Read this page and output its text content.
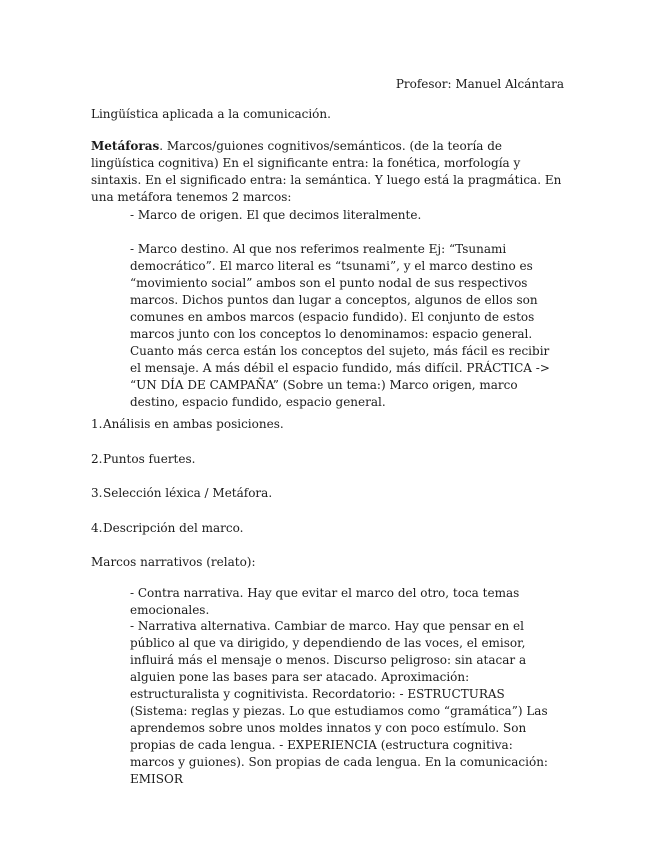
Profesor: Manuel Alcántara

Lingüística aplicada a la comunicación.

Metáforas. Marcos/guiones cognitivos/semánticos. (de la teoría de lingüística cognitiva) En el significante entra: la fonética, morfología y sintaxis. En el significado entra: la semántica. Y luego está la pragmática. En una metáfora tenemos 2 marcos:

- Marco de origen. El que decimos literalmente.

- Marco destino. Al que nos referimos realmente Ej: “Tsunami democrático”. El marco literal es “tsunami”, y el marco destino es “movimiento social” ambos son el punto nodal de sus respectivos marcos. Dichos puntos dan lugar a conceptos, algunos de ellos son comunes en ambos marcos (espacio fundido). El conjunto de estos marcos junto con los conceptos lo denominamos: espacio general. Cuanto más cerca están los conceptos del sujeto, más fácil es recibir el mensaje. A más débil el espacio fundido, más difícil. PRÁCTICA -> “UN DÍA DE CAMPAÑA” (Sobre un tema:) Marco origen, marco destino, espacio fundido, espacio general.

1.Análisis en ambas posiciones.
2.Puntos fuertes.
3.Selección léxica / Metáfora.
4.Descripción del marco.

Marcos narrativos (relato):

- Contra narrativa. Hay que evitar el marco del otro, toca temas emocionales.

- Narrativa alternativa. Cambiar de marco. Hay que pensar en el público al que va dirigido, y dependiendo de las voces, el emisor, influirá más el mensaje o menos. Discurso peligroso: sin atacar a alguien pone las bases para ser atacado. Aproximación: estructuralista y cognitivista. Recordatorio: - ESTRUCTURAS (Sistema: reglas y piezas. Lo que estudiamos como “gramática”) Las aprendemos sobre unos moldes innatos y con poco estímulo. Son propias de cada lengua. - EXPERIENCIA (estructura cognitiva: marcos y guiones). Son propias de cada lengua. En la comunicación: EMISOR
